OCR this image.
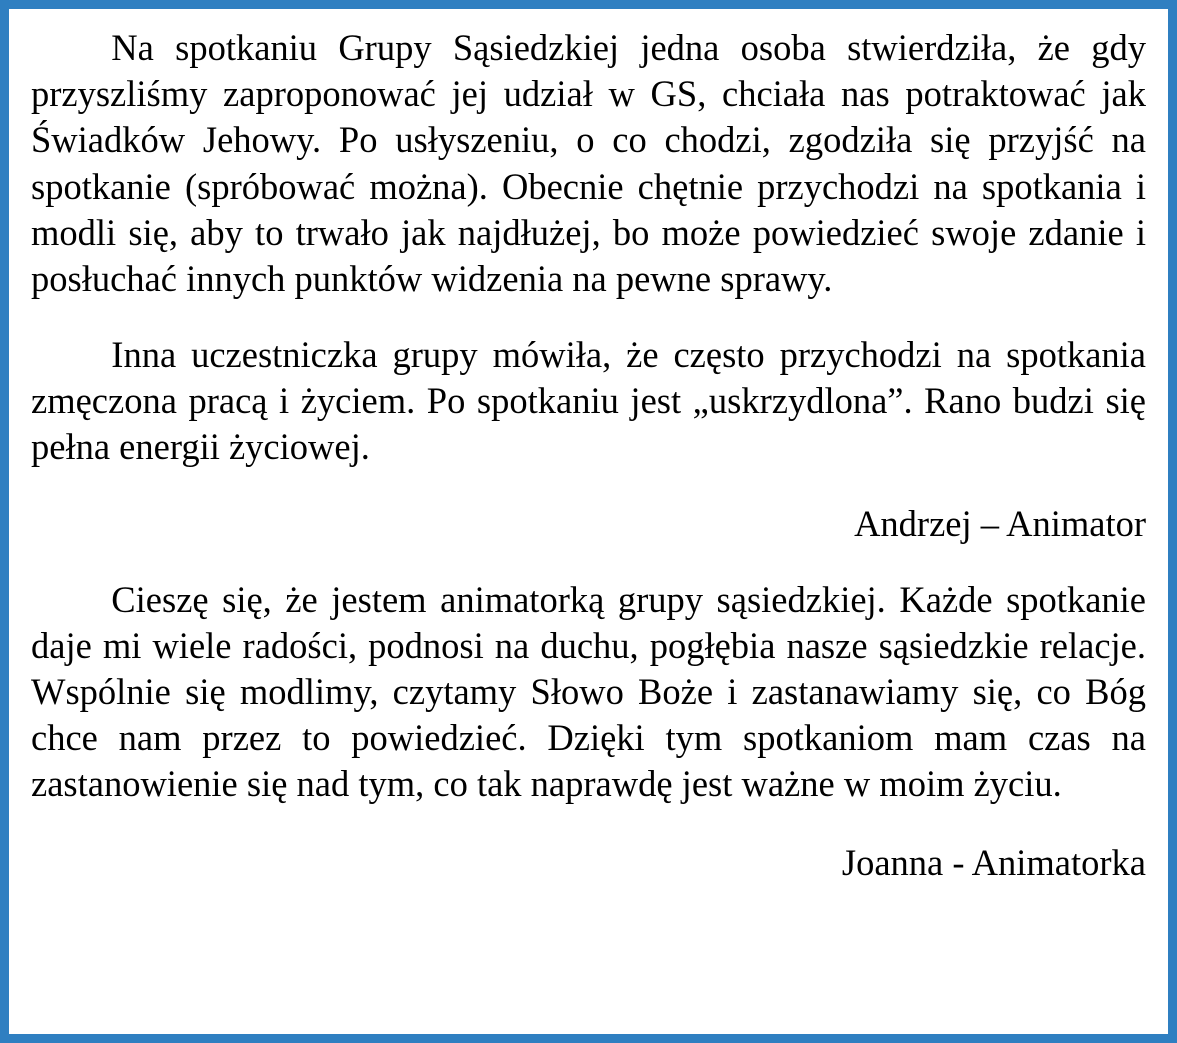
Na spotkaniu Grupy Sąsiedzkiej jedna osoba stwierdziła, że gdy przyszliśmy zaproponować jej udział w GS, chciała nas potraktować jak Świadków Jehowy. Po usłyszeniu, o co chodzi, zgodziła się przyjść na spotkanie (spróbować można). Obecnie chętnie przychodzi na spotkania i modli się, aby to trwało jak najdłużej, bo może powiedzieć swoje zdanie i posłuchać innych punktów widzenia na pewne sprawy.

Inna uczestniczka grupy mówiła, że często przychodzi na spotkania zmęczona pracą i życiem. Po spotkaniu jest „uskrzydlona”. Rano budzi się pełna energii życiowej.

Andrzej – Animator

Cieszę się, że jestem animatorką grupy sąsiedzkiej. Każde spotkanie daje mi wiele radości, podnosi na duchu, pogłębia nasze sąsiedzkie relacje. Wspólnie się modlimy, czytamy Słowo Boże i zastanawiamy się, co Bóg chce nam przez to powiedzieć. Dzięki tym spotkaniom mam czas na zastanowienie się nad tym, co tak naprawdę jest ważne w moim życiu.

Joanna - Animatorka
